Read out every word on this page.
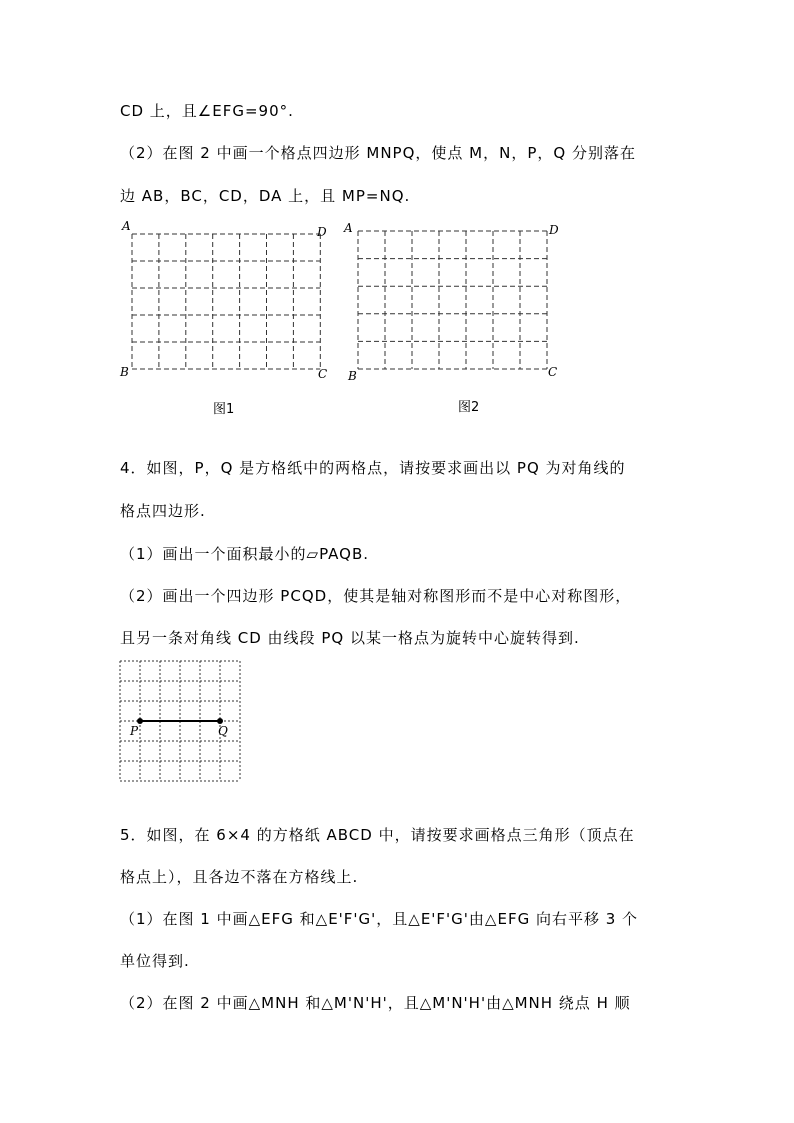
CD 上，且∠EFG=90°.
（2）在图 2 中画一个格点四边形 MNPQ，使点 M，N，P，Q 分别落在
边 AB，BC，CD，DA 上，且 MP=NQ.
A	D
B	C
A	D
B	C
图1	图2
4．如图，P，Q 是方格纸中的两格点，请按要求画出以 PQ 为对角线的
格点四边形.
（1）画出一个面积最小的▱PAQB.
（2）画出一个四边形 PCQD，使其是轴对称图形而不是中心对称图形，
且另一条对角线 CD 由线段 PQ 以某一格点为旋转中心旋转得到.
P	Q
5．如图，在 6×4 的方格纸 ABCD 中，请按要求画格点三角形（顶点在
格点上），且各边不落在方格线上.
（1）在图 1 中画△EFG 和△E'F'G'，且△E'F'G'由△EFG 向右平移 3 个
单位得到.
（2）在图 2 中画△MNH 和△M'N'H'，且△M'N'H'由△MNH 绕点 H 顺
